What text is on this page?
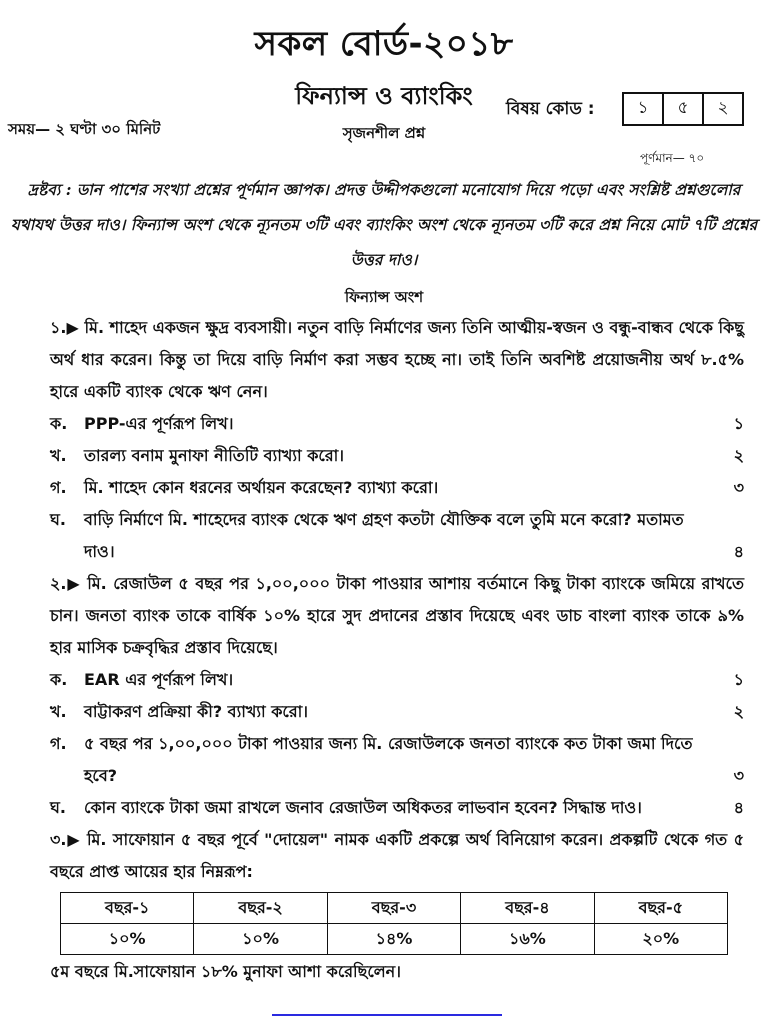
সকল বোর্ড-২০১৮
ফিন্যান্স ও ব্যাংকিং
সময়— ২ ঘণ্টা ৩০ মিনিট	সৃজনশীল প্রশ্ন
বিষয় কোড :	১	৫	২
পূর্ণমান— ৭০
দ্রষ্টব্য : ডান পাশের সংখ্যা প্রশ্নের পূর্ণমান জ্ঞাপক। প্রদত্ত উদ্দীপকগুলো মনোযোগ দিয়ে পড়ো এবং সংশ্লিষ্ট প্রশ্নগুলোর যথাযথ উত্তর দাও। ফিন্যান্স অংশ থেকে ন্যূনতম ৩টি এবং ব্যাংকিং অংশ থেকে ন্যূনতম ৩টি করে প্রশ্ন নিয়ে মোট ৭টি প্রশ্নের উত্তর দাও।
ফিন্যান্স অংশ

১.▶ মি. শাহেদ একজন ক্ষুদ্র ব্যবসায়ী। নতুন বাড়ি নির্মাণের জন্য তিনি আত্মীয়-স্বজন ও বন্ধু-বান্ধব থেকে কিছু অর্থ ধার করেন। কিন্তু তা দিয়ে বাড়ি নির্মাণ করা সম্ভব হচ্ছে না। তাই তিনি অবশিষ্ট প্রয়োজনীয় অর্থ ৮.৫% হারে একটি ব্যাংক থেকে ঋণ নেন।

ক.	PPP-এর পূর্ণরূপ লিখ।	১
খ.	তারল্য বনাম মুনাফা নীতিটি ব্যাখ্যা করো।	২
গ.	মি. শাহেদ কোন ধরনের অর্থায়ন করেছেন? ব্যাখ্যা করো।	৩
ঘ.	বাড়ি নির্মাণে মি. শাহেদের ব্যাংক থেকে ঋণ গ্রহণ কতটা যৌক্তিক বলে তুমি মনে করো? মতামত দাও।	৪

২.▶ মি. রেজাউল ৫ বছর পর ১,০০,০০০ টাকা পাওয়ার আশায় বর্তমানে কিছু টাকা ব্যাংকে জমিয়ে রাখতে চান। জনতা ব্যাংক তাকে বার্ষিক ১০% হারে সুদ প্রদানের প্রস্তাব দিয়েছে এবং ডাচ বাংলা ব্যাংক তাকে ৯% হার মাসিক চক্রবৃদ্ধির প্রস্তাব দিয়েছে।

ক.	EAR এর পূর্ণরূপ লিখ।	১
খ.	বাট্টাকরণ প্রক্রিয়া কী? ব্যাখ্যা করো।	২
গ.	৫ বছর পর ১,০০,০০০ টাকা পাওয়ার জন্য মি. রেজাউলকে জনতা ব্যাংকে কত টাকা জমা দিতে হবে?	৩
ঘ.	কোন ব্যাংকে টাকা জমা রাখলে জনাব রেজাউল অধিকতর লাভবান হবেন? সিদ্ধান্ত দাও।	৪

৩.▶ মি. সাফোয়ান ৫ বছর পূর্বে "দোয়েল" নামক একটি প্রকল্পে অর্থ বিনিয়োগ করেন। প্রকল্পটি থেকে গত ৫ বছরে প্রাপ্ত আয়ের হার নিম্নরূপ:

বছর-১	বছর-২	বছর-৩	বছর-৪	বছর-৫
১০%	১০%	১৪%	১৬%	২০%
৫ম বছরে মি.সাফোয়ান ১৮% মুনাফা আশা করেছিলেন।
